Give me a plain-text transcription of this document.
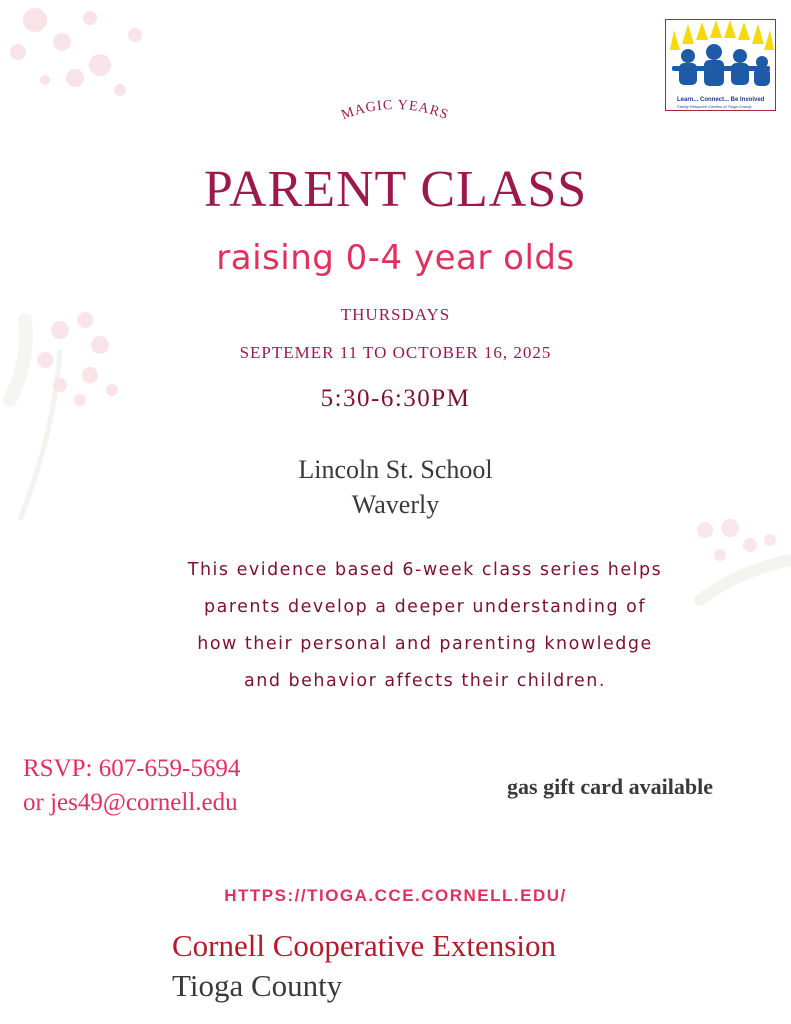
Learn... Connect... Be Involved
Family Resource Centers of Tioga County
MAGIC YEARS
PARENT CLASS
raising 0-4 year olds
THURSDAYS
SEPTEMER 11 TO OCTOBER 16, 2025
5:30-6:30PM
Lincoln St. School
Waverly
This evidence based 6-week class series helps
parents develop a deeper understanding of
how their personal and parenting knowledge
and behavior affects their children.
RSVP: 607-659-5694
or jes49@cornell.edu
gas gift card available
HTTPS://TIOGA.CCE.CORNELL.EDU/
Cornell Cooperative Extension
Tioga County
